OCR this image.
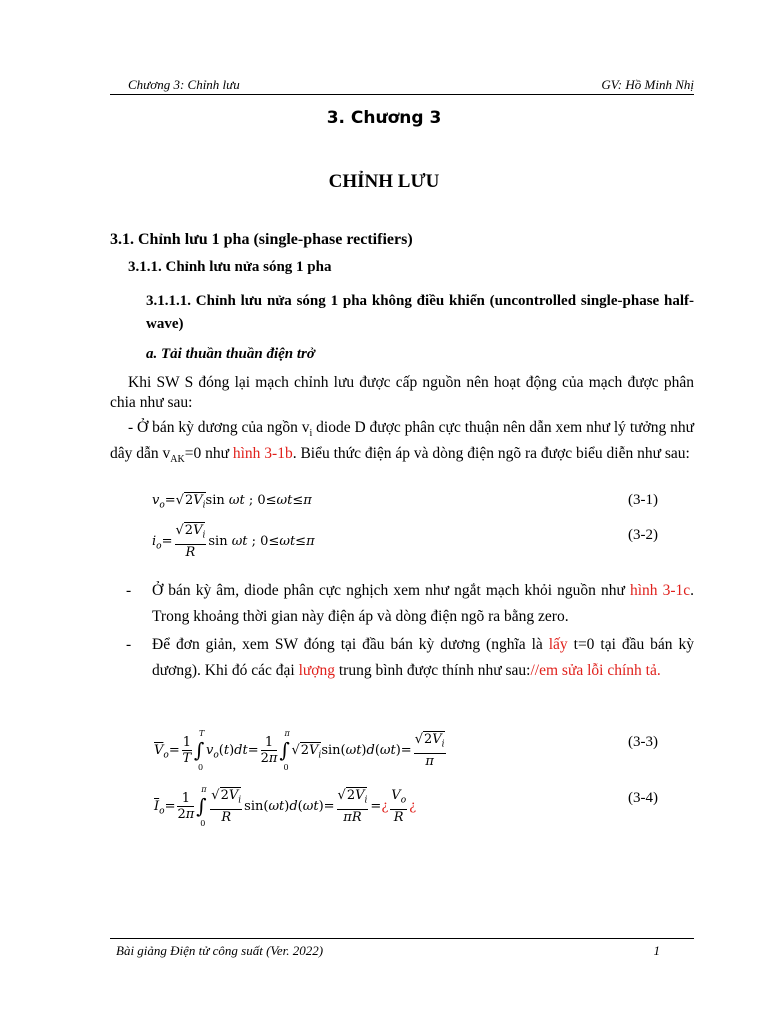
Chương 3: Chỉnh lưu	GV: Hồ Minh Nhị
3. Chương 3
CHỈNH LƯU
3.1. Chỉnh lưu 1 pha (single-phase rectifiers)
3.1.1. Chỉnh lưu nửa sóng 1 pha
3.1.1.1. Chỉnh lưu nửa sóng 1 pha không điều khiển (uncontrolled single-phase half- wave)
a. Tải thuần thuần điện trở
Khi SW S đóng lại mạch chỉnh lưu được cấp nguồn nên hoạt động của mạch được phân chia như sau:
- Ở bán kỳ dương của ngồn $v_i$ diode D được phân cực thuận nên dẫn xem như lý tưởng như dây dẫn $v_{AK}=0$ như hình 3-1b. Biểu thức điện áp và dòng điện ngõ ra được biểu diễn như sau:
$v_o=√2\overline{V}_i\sin$ ωt ; 0≤ωt≤π	(3-1)
$i_o= \frac{√2\overline{V}_i}{R}$ sin ωt ; 0≤ωt≤π	(3-2)
- Ở bán kỳ âm, diode phân cực nghịch xem như ngắt mạch khỏi nguồn như hình 3-1c. Trong khoảng thời gian này điện áp và dòng điện ngõ ra bằng zero.
- Để đơn giản, xem SW đóng tại đầu bán kỳ dương (nghĩa là lấy t=0 tại đầu bán kỳ dương). Khi đó các đại lượng trung bình được thính như sau://em sửa lỗi chính tả.
$\overline{V}_o= \frac{1}{T}$ ∫
T
0
$v_o(t)dt= \frac{1}{2\pi}$ ∫
π
0
$√2\overline{V}_i\sin(\omega t)d(\omega t)= \frac{√2\overline{V}_i}{\pi}$	(3-3)
$\overline{I}_o= \frac{1}{2\pi}$ ∫
π
$0 \frac{√2\overline{V}_i}{R} \sin(\omega t)d(\omega t)= \frac{√2\overline{V}_i}{\pi R}$ =¿ $\frac{V_o}{R}$ ¿
(3-4)
Bài giảng Điện tử công suất (Ver. 2022)	1
